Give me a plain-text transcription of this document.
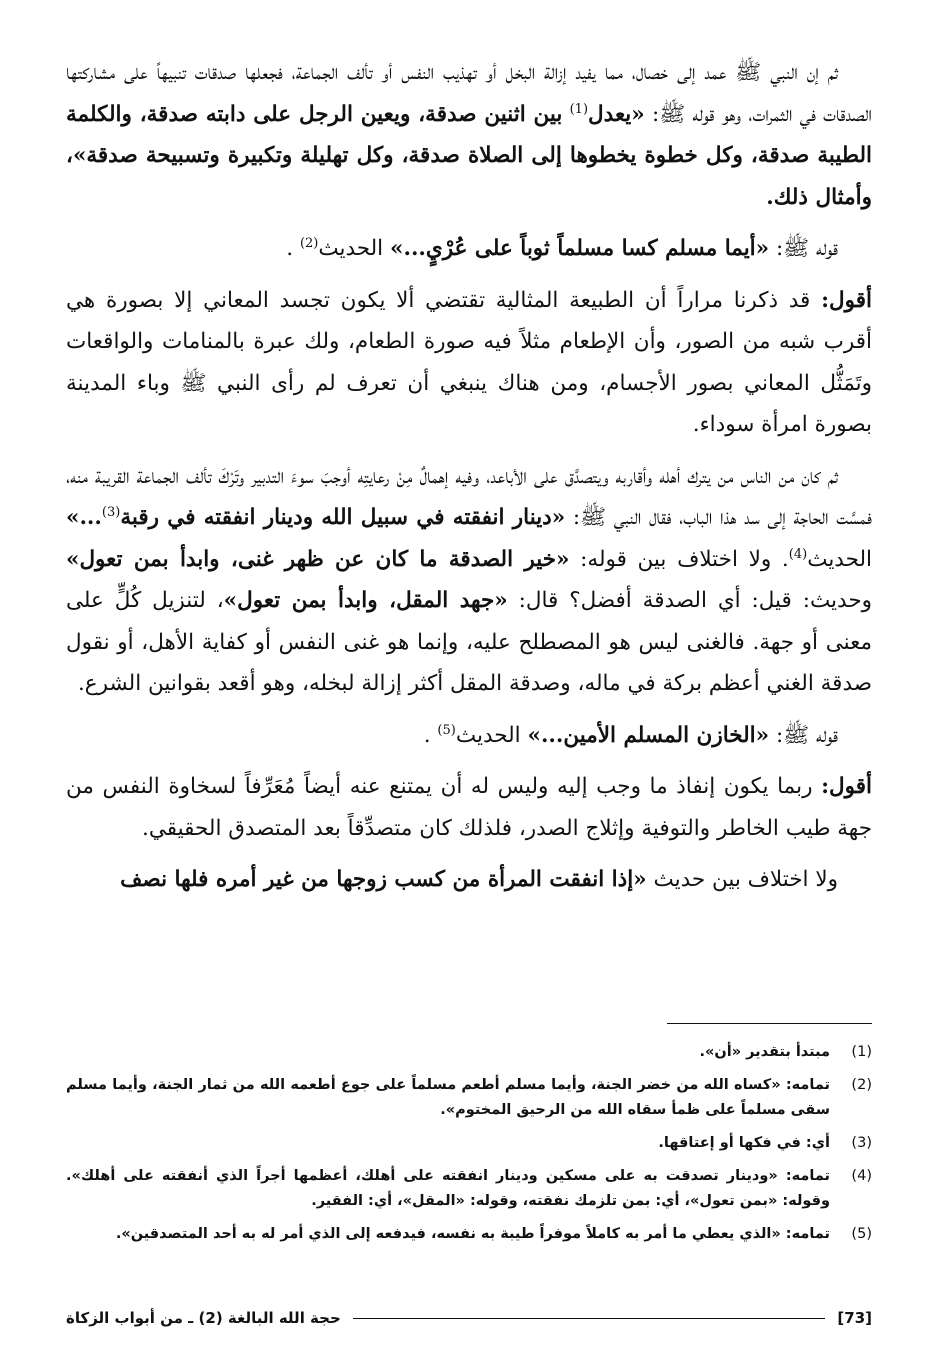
ثم إن النبي ﷺ عمد إلى خصال، مما يفيد إزالة البخل أو تهذيب النفس أو تألف الجماعة، فجعلها صدقات تنبيهاً على مشاركتها الصدقات في الثمرات، وهو قوله ﷺ: «يعدل$^{(1)}$ بين اثنين صدقة، ويعين الرجل على دابته صدقة، والكلمة الطيبة صدقة، وكل خطوة يخطوها إلى الصلاة صدقة، وكل تهليلة وتكبيرة وتسبيحة صدقة»، وأمثال ذلك.

قوله ﷺ: «أيما مسلم كسا مسلماً ثوباً على عُرْيٍ...» الحديث$^{(2)}$ .

أقول: قد ذكرنا مراراً أن الطبيعة المثالية تقتضي ألا يكون تجسد المعاني إلا بصورة هي أقرب شبه من الصور، وأن الإطعام مثلاً فيه صورة الطعام، ولك عبرة بالمنامات والواقعات وتَمَثُّل المعاني بصور الأجسام، ومن هناك ينبغي أن تعرف لم رأى النبي ﷺ وباء المدينة بصورة امرأة سوداء.

ثم كان من الناس من يترك أهله وأقاربه ويتصدَّق على الأباعد، وفيه إهمالٌ مِنْ رعايتِه أوجبَ سوءَ التدبير وتَرْكَ تألف الجماعة القريبة منه، فمسَّت الحاجة إلى سد هذا الباب، فقال النبي ﷺ: «دينار انفقته في سبيل الله ودينار انفقته في رقبة$^{(3)}$...» الحديث$^{(4)}$. ولا اختلاف بين قوله: «خير الصدقة ما كان عن ظهر غنى، وابدأ بمن تعول» وحديث: قيل: أي الصدقة أفضل؟ قال: «جهد المقل، وابدأ بمن تعول»، لتنزيل كُلٍّ على معنى أو جهة. فالغنى ليس هو المصطلح عليه، وإنما هو غنى النفس أو كفاية الأهل، أو نقول صدقة الغني أعظم بركة في ماله، وصدقة المقل أكثر إزالة لبخله، وهو أقعد بقوانين الشرع.

قوله ﷺ: «الخازن المسلم الأمين...» الحديث$^{(5)}$ .

أقول: ربما يكون إنفاذ ما وجب إليه وليس له أن يمتنع عنه أيضاً مُعَرِّفاً لسخاوة النفس من جهة طيب الخاطر والتوفية وإثلاج الصدر، فلذلك كان متصدِّقاً بعد المتصدق الحقيقي.

ولا اختلاف بين حديث «إذا انفقت المرأة من كسب زوجها من غير أمره فلها نصف

(1)
مبتدأ بتقدير «أن».
(2)
تمامه: «كساه الله من خضر الجنة، وأيما مسلم أطعم مسلماً على جوع أطعمه الله من ثمار الجنة، وأيما مسلم سقى مسلماً على ظمأ سقاه الله من الرحيق المختوم».
(3)
أي: في فكها أو إعتاقها.
(4)
تمامه: «ودينار تصدقت به على مسكين ودينار انفقته على أهلك، أعظمها أجراً الذي أنفقته على أهلك». وقوله: «بمن تعول»، أي: بمن تلزمك نفقته، وقوله: «المقل»، أي: الفقير.
(5)
تمامه: «الذي يعطي ما أمر به كاملاً موفراً طيبة به نفسه، فيدفعه إلى الذي أمر له به أحد المتصدقين».
[73]
حجة الله البالغة (2) ـ من أبواب الزكاة
